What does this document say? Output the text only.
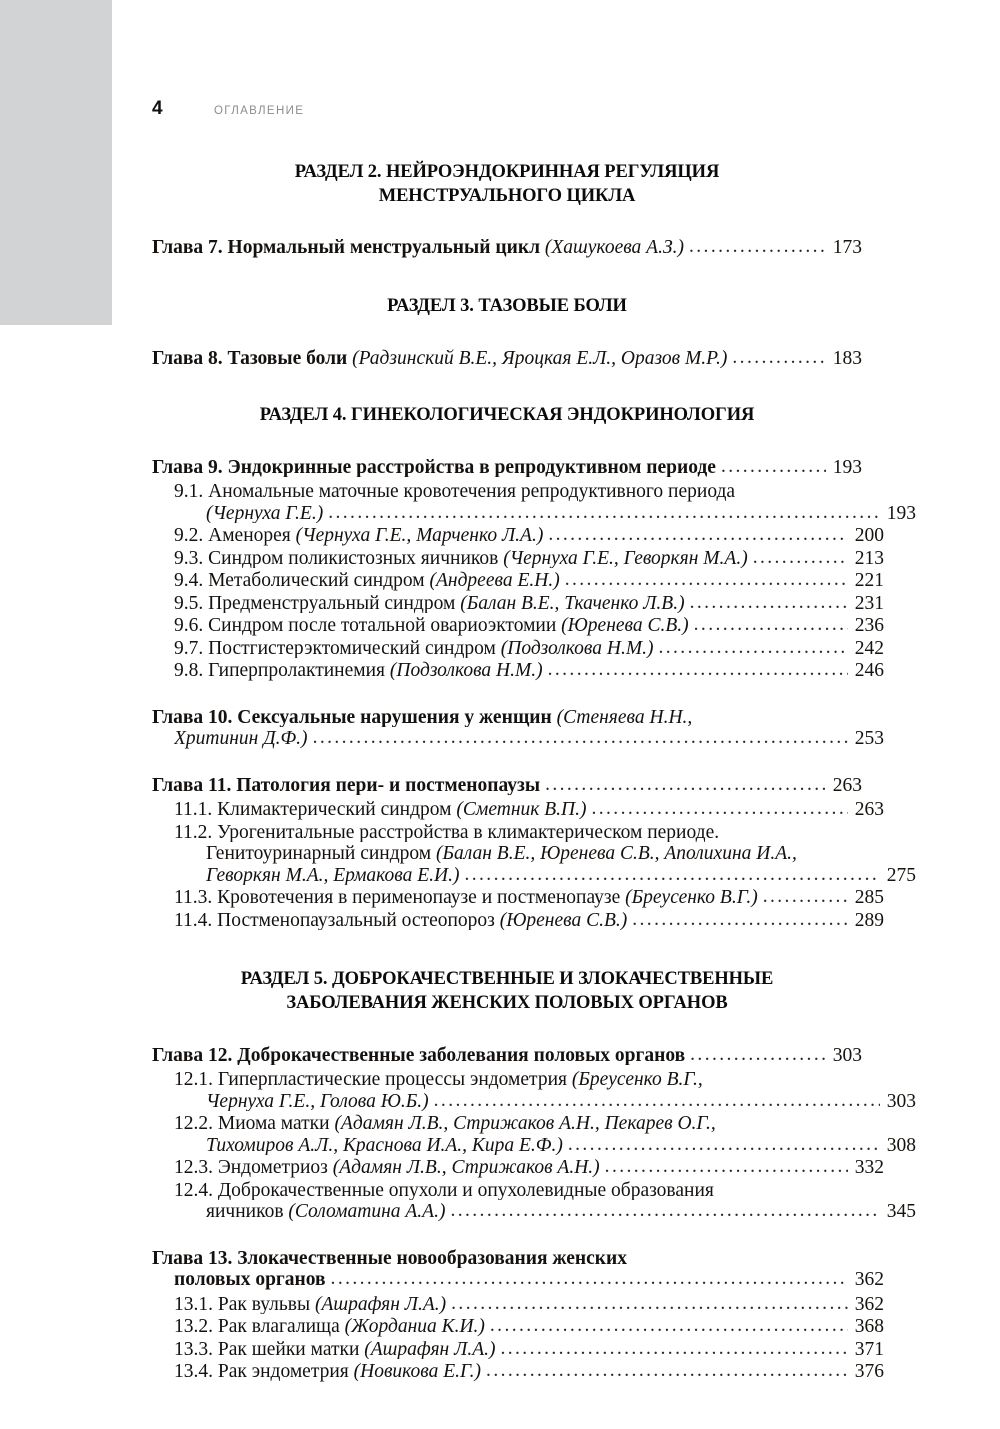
4	ОГЛАВЛЕНИЕ
РАЗДЕЛ 2. НЕЙРОЭНДОКРИННАЯ РЕГУЛЯЦИЯ
МЕНСТРУАЛЬНОГО ЦИКЛА
Глава 7. Нормальный менструальный цикл (Хашукоева А.З.) .....	173
РАЗДЕЛ 3. ТАЗОВЫЕ БОЛИ
Глава 8. Тазовые боли (Радзинский В.Е., Яроцкая Е.Л., Оразов М.Р.) .....	183
РАЗДЕЛ 4. ГИНЕКОЛОГИЧЕСКАЯ ЭНДОКРИНОЛОГИЯ
Глава 9. Эндокринные расстройства в репродуктивном периоде .....	193
9.1. Аномальные маточные кровотечения репродуктивного периода
(Чернуха Г.Е.) .....	193
9.2. Аменорея (Чернуха Г.Е., Марченко Л.А.) .....	200
9.3. Синдром поликистозных яичников (Чернуха Г.Е., Геворкян М.А.) .....	213
9.4. Метаболический синдром (Андреева Е.Н.) .....	221
9.5. Предменструальный синдром (Балан В.Е., Ткаченко Л.В.) .....	231
9.6. Синдром после тотальной овариоэктомии (Юренева С.В.) .....	236
9.7. Постгистерэктомический синдром (Подзолкова Н.М.) .....	242
9.8. Гиперпролактинемия (Подзолкова Н.М.) .....	246
Глава 10. Сексуальные нарушения у женщин (Стеняева Н.Н.,
Хритинин Д.Ф.) .....	253
Глава 11. Патология пери- и постменопаузы .....	263
11.1. Климактерический синдром (Сметник В.П.) .....	263
11.2. Урогенитальные расстройства в климактерическом периоде.
Генитоуринарный синдром (Балан В.Е., Юренева С.В., Аполихина И.А.,
Геворкян М.А., Ермакова Е.И.) .....	275
11.3. Кровотечения в перименопаузе и постменопаузе (Бреусенко В.Г.) .....	285
11.4. Постменопаузальный остеопороз (Юренева С.В.) .....	289
РАЗДЕЛ 5. ДОБРОКАЧЕСТВЕННЫЕ И ЗЛОКАЧЕСТВЕННЫЕ
ЗАБОЛЕВАНИЯ ЖЕНСКИХ ПОЛОВЫХ ОРГАНОВ
Глава 12. Доброкачественные заболевания половых органов .....	303
12.1. Гиперпластические процессы эндометрия (Бреусенко В.Г.,
Чернуха Г.Е., Голова Ю.Б.) .....	303
12.2. Миома матки (Адамян Л.В., Стрижаков А.Н., Пекарев О.Г.,
Тихомиров А.Л., Краснова И.А., Кира Е.Ф.) .....	308
12.3. Эндометриоз (Адамян Л.В., Стрижаков А.Н.) .....	332
12.4. Доброкачественные опухоли и опухолевидные образования
яичников (Соломатина А.А.) .....	345
Глава 13. Злокачественные новообразования женских
половых органов .....	362
13.1. Рак вульвы (Ашрафян Л.А.) .....	362
13.2. Рак влагалища (Жорданиа К.И.) .....	368
13.3. Рак шейки матки (Ашрафян Л.А.) .....	371
13.4. Рак эндометрия (Новикова Е.Г.) .....	376
